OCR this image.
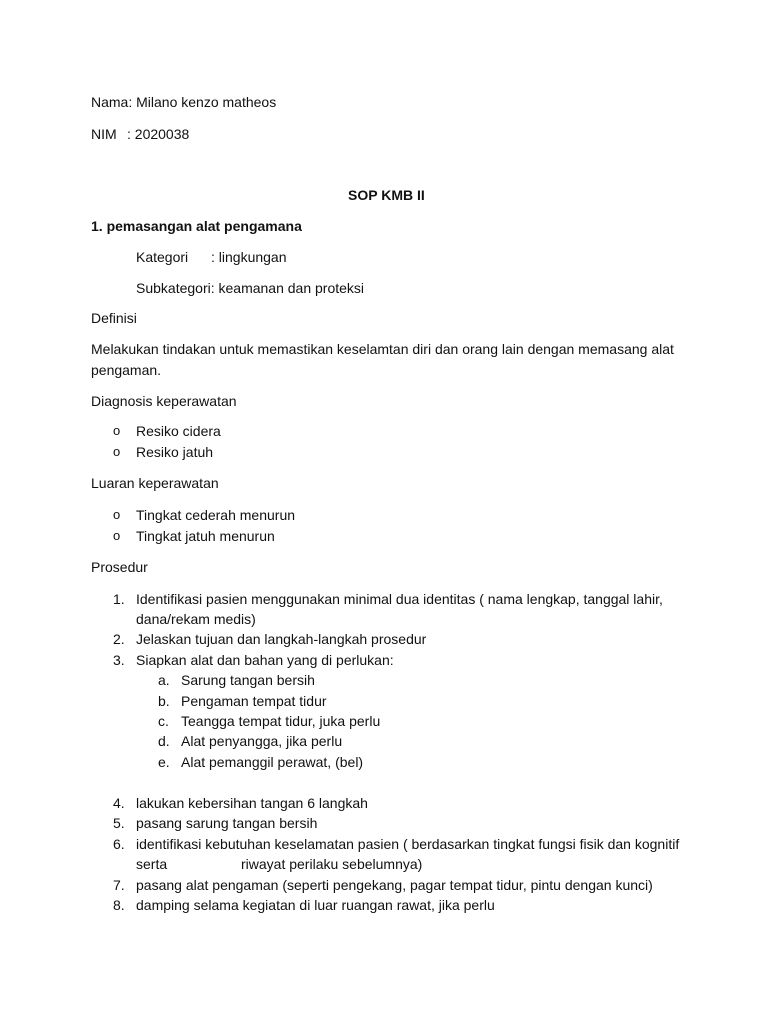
Nama: Milano kenzo matheos
NIM : 2020038
SOP KMB II
1. pemasangan alat pengamana
Kategori : lingkungan
Subkategori: keamanan dan proteksi
Definisi
Melakukan tindakan untuk memastikan keselamtan diri dan orang lain dengan memasang alat
pengaman.
Diagnosis keperawatan
o Resiko cidera
o Resiko jatuh
Luaran keperawatan
o Tingkat cederah menurun
o Tingkat jatuh menurun
Prosedur
1. Identifikasi pasien menggunakan minimal dua identitas ( nama lengkap, tanggal lahir,
dana/rekam medis)
2. Jelaskan tujuan dan langkah-langkah prosedur
3. Siapkan alat dan bahan yang di perlukan:
a. Sarung tangan bersih
b. Pengaman tempat tidur
c. Teangga tempat tidur, juka perlu
d. Alat penyangga, jika perlu
e. Alat pemanggil perawat, (bel)
4. lakukan kebersihan tangan 6 langkah
5. pasang sarung tangan bersih
6. identifikasi kebutuhan keselamatan pasien ( berdasarkan tingkat fungsi fisik dan kognitif
serta	riwayat perilaku sebelumnya)
7. pasang alat pengaman (seperti pengekang, pagar tempat tidur, pintu dengan kunci)
8. damping selama kegiatan di luar ruangan rawat, jika perlu
